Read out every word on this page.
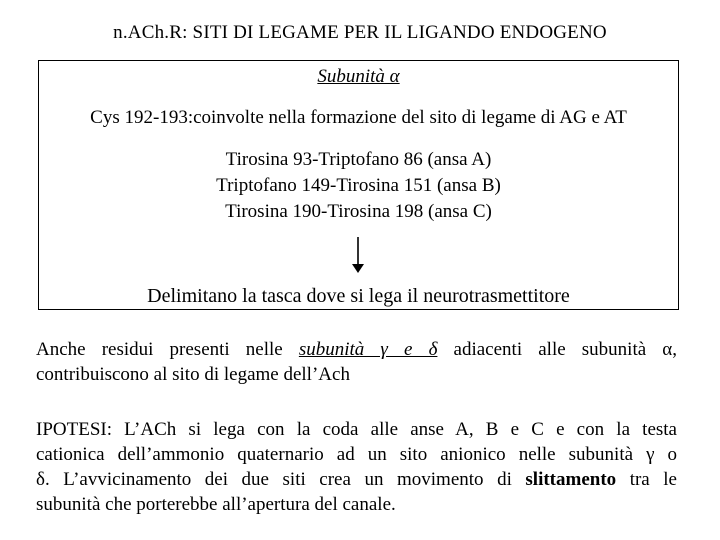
n.ACh.R: SITI DI LEGAME PER IL LIGANDO ENDOGENO
Subunità α
Cys 192-193:coinvolte nella formazione del sito di legame di AG e AT
Tirosina 93-Triptofano 86 (ansa A)
Triptofano 149-Tirosina 151 (ansa B)
Tirosina 190-Tirosina 198 (ansa C)
Delimitano la tasca dove si lega il neurotrasmettitore
Anche residui presenti nelle subunità γ e δ adiacenti alle subunità α,
contribuiscono al sito di legame dell’Ach
IPOTESI: L’ACh si lega con la coda alle anse A, B e C e con la testa
cationica dell’ammonio quaternario ad un sito anionico nelle subunità γ o
δ. L’avvicinamento dei due siti crea un movimento di slittamento tra le
subunità che porterebbe all’apertura del canale.
